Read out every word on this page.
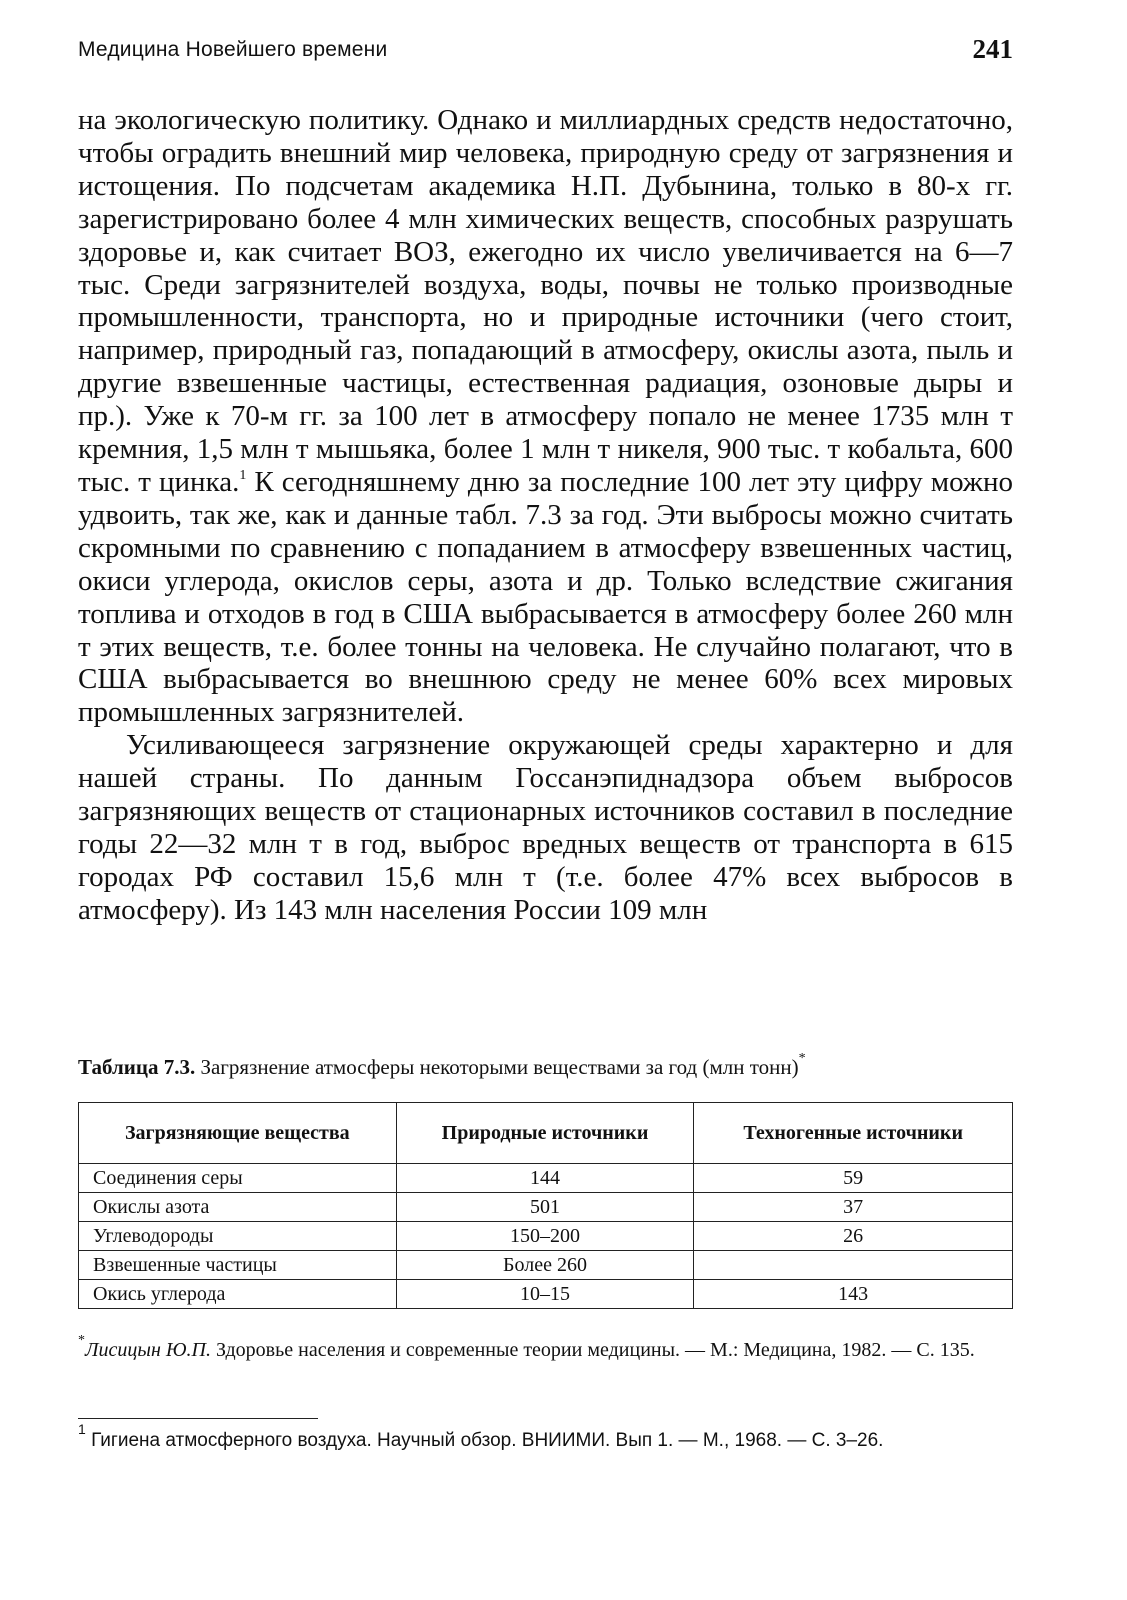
Медицина Новейшего времени	241

на экологическую политику. Однако и миллиардных средств недостаточно, чтобы оградить внешний мир человека, природную среду от загрязнения и истощения. По подсчетам академика Н.П. Дубынина, только в 80-х гг. зарегистрировано более 4 млн химических веществ, способных разрушать здоровье и, как считает ВОЗ, ежегодно их число увеличивается на 6—7 тыс. Среди загрязнителей воздуха, воды, почвы не только производные промышленности, транспорта, но и природные источники (чего стоит, например, природный газ, попадающий в атмосферу, окислы азота, пыль и другие взвешенные частицы, естественная радиация, озоновые дыры и пр.). Уже к 70-м гг. за 100 лет в атмосферу попало не менее 1735 млн т кремния, 1,5 млн т мышьяка, более 1 млн т никеля, 900 тыс. т кобальта, 600 тыс. т цинка.$^1$ К сегодняшнему дню за последние 100 лет эту цифру можно удвоить, так же, как и данные табл. 7.3 за год. Эти выбросы можно считать скромными по сравнению с попаданием в атмосферу взвешенных частиц, окиси углерода, окислов серы, азота и др. Только вследствие сжигания топлива и отходов в год в США выбрасывается в атмосферу более 260 млн т этих веществ, т.е. более тонны на человека. Не случайно полагают, что в США выбрасывается во внешнюю среду не менее 60% всех мировых промышленных загрязнителей.

Усиливающееся загрязнение окружающей среды характерно и для нашей страны. По данным Госсанэпиднадзора объем выбросов загрязняющих веществ от стационарных источников составил в последние годы 22—32 млн т в год, выброс вредных веществ от транспорта в 615 городах РФ составил 15,6 млн т (т.е. более 47% всех выбросов в атмосферу). Из 143 млн населения России 109 млн

Таблица 7.3. Загрязнение атмосферы некоторыми веществами за год (млн тонн)*
Загрязняющие вещества	Природные источники	Техногенные источники
Соединения серы	144	59
Окислы азота	501	37
Углеводороды	150–200	26
Взвешенные частицы	Более 260	
Окись углерода	10–15	143
*Лисицын Ю.П. Здоровье населения и современные теории медицины. — М.: Медицина, 1982. — С. 135.
$^1$ Гигиена атмосферного воздуха. Научный обзор. ВНИИМИ. Вып 1. — М., 1968. — С. 3–26.
